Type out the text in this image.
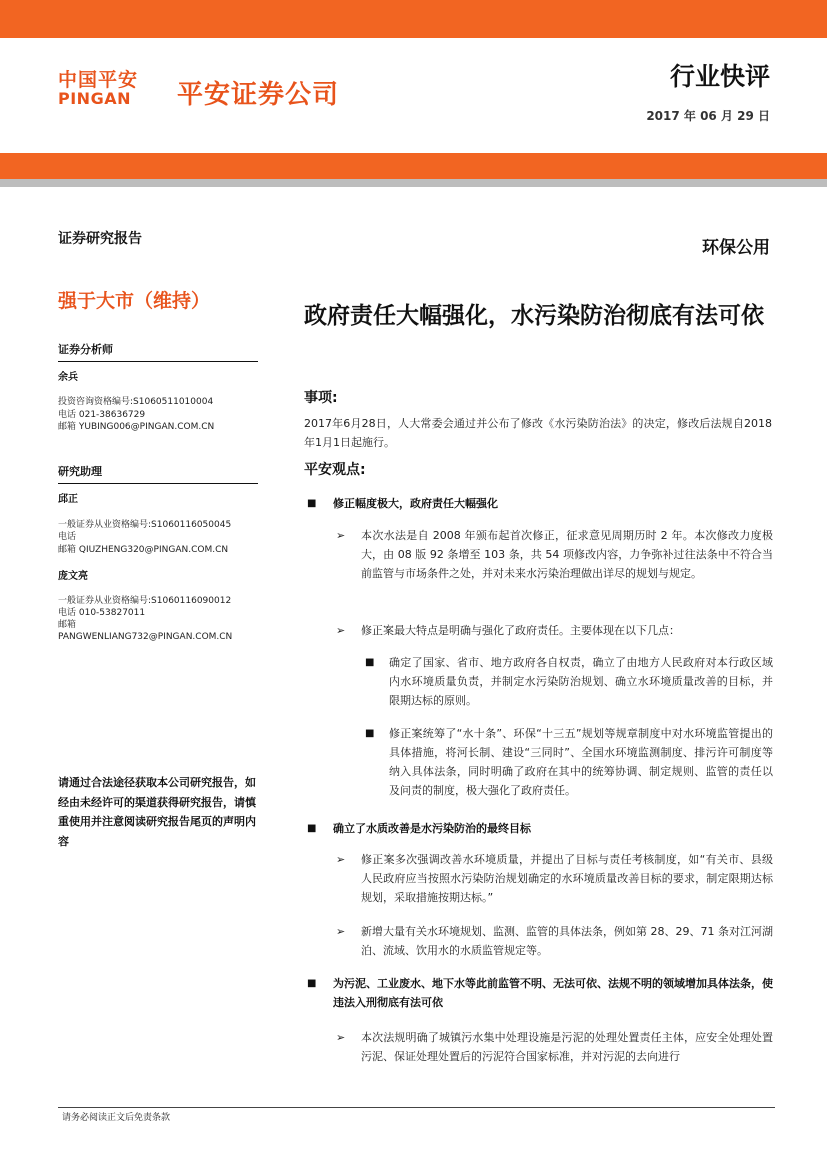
中国平安
PINGAN 平安证券公司
行业快评
2017 年 06 月 29 日
证券研究报告	环保公用
强于大市（维持）
证券分析师
余兵
投资咨询资格编号:S1060511010004
电话 021-38636729
邮箱 YUBING006@PINGAN.COM.CN
研究助理
邱正
一般证券从业资格编号:S1060116050045
电话
邮箱 QIUZHENG320@PINGAN.COM.CN
庞文亮
一般证券从业资格编号:S1060116090012
电话 010-53827011
邮箱
PANGWENLIANG732@PINGAN.COM.CN
请通过合法途径获取本公司研究报告，如经由未经许可的渠道获得研究报告，请慎重使用并注意阅读研究报告尾页的声明内容
政府责任大幅强化，水污染防治彻底有法可依
事项:
2017年6月28日，人大常委会通过并公布了修改《水污染防治法》的决定，修改后法规自2018年1月1日起施行。
平安观点:
■ 修正幅度极大，政府责任大幅强化
➢ 本次水法是自 2008 年颁布起首次修正，征求意见周期历时 2 年。本次修改力度极大，由 08 版 92 条增至 103 条，共 54 项修改内容，力争弥补过往法条中不符合当前监管与市场条件之处，并对未来水污染治理做出详尽的规划与规定。
➢ 修正案最大特点是明确与强化了政府责任。主要体现在以下几点：
■ 确定了国家、省市、地方政府各自权责，确立了由地方人民政府对本行政区域内水环境质量负责，并制定水污染防治规划、确立水环境质量改善的目标，并限期达标的原则。
■ 修正案统筹了“水十条”、环保“十三五”规划等规章制度中对水环境监管提出的具体措施，将河长制、建设“三同时”、全国水环境监测制度、排污许可制度等纳入具体法条，同时明确了政府在其中的统筹协调、制定规则、监管的责任以及问责的制度，极大强化了政府责任。
■ 确立了水质改善是水污染防治的最终目标
➢ 修正案多次强调改善水环境质量，并提出了目标与责任考核制度，如“有关市、县级人民政府应当按照水污染防治规划确定的水环境质量改善目标的要求，制定限期达标规划，采取措施按期达标。”
➢ 新增大量有关水环境规划、监测、监管的具体法条，例如第 28、29、71 条对江河湖泊、流域、饮用水的水质监管规定等。
■ 为污泥、工业废水、地下水等此前监管不明、无法可依、法规不明的领域增加具体法条，使违法入刑彻底有法可依
➢ 本次法规明确了城镇污水集中处理设施是污泥的处理处置责任主体，应安全处理处置污泥、保证处理处置后的污泥符合国家标准，并对污泥的去向进行
请务必阅读正文后免责条款
